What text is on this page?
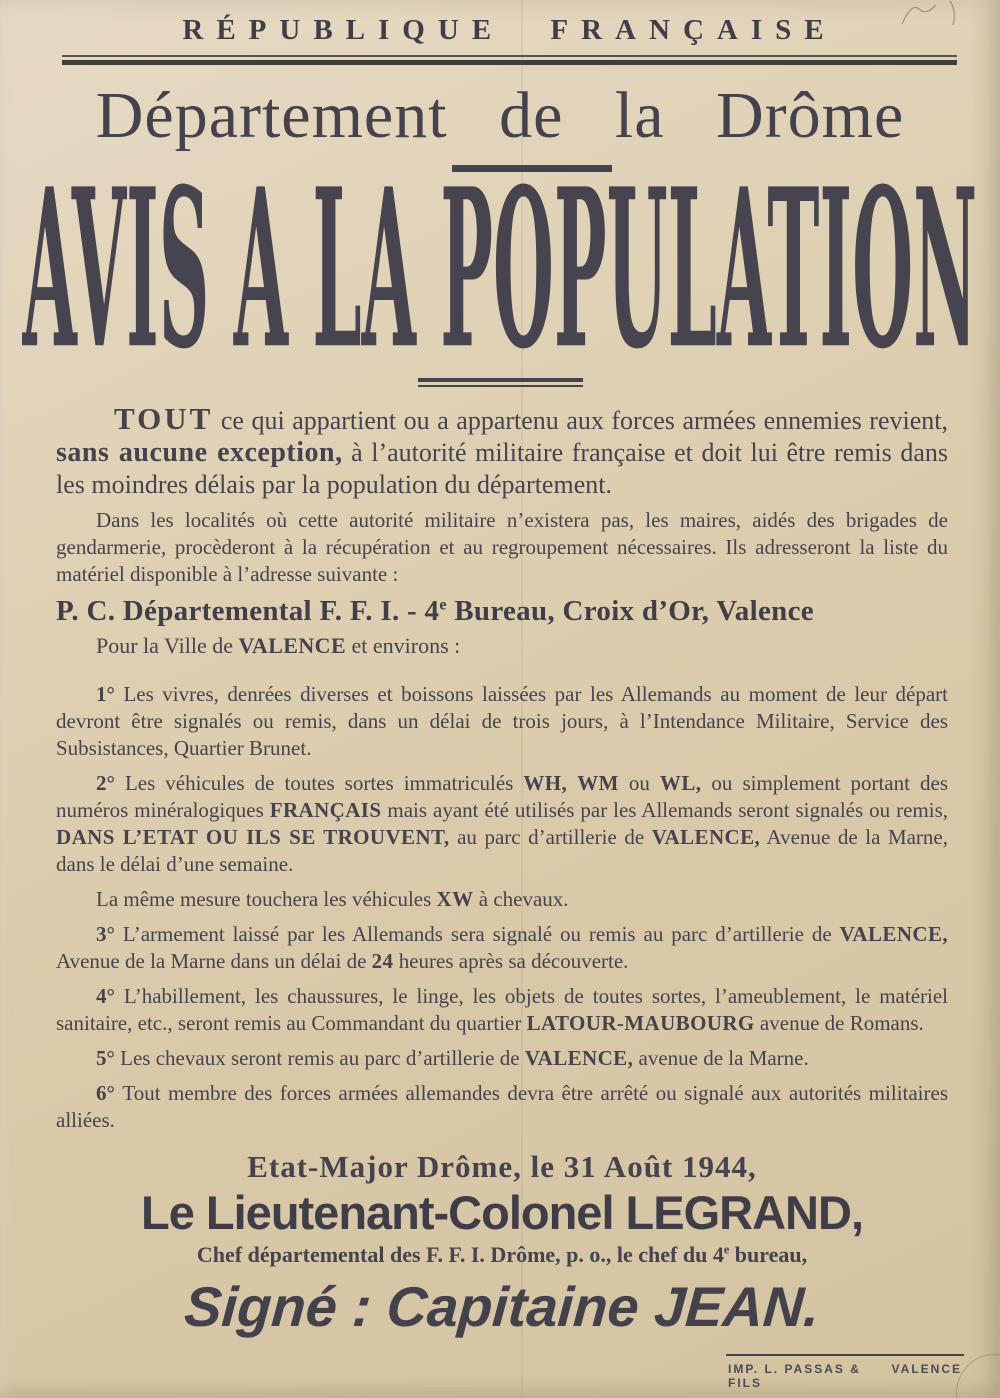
RÉPUBLIQUE FRANÇAISE
Département de la Drôme
AVIS A LA POPULATION

TOUT ce qui appartient ou a appartenu aux forces armées ennemies revient, sans aucune exception, à l’autorité militaire française et doit lui être remis dans les moindres délais par la population du département.

Dans les localités où cette autorité militaire n’existera pas, les maires, aidés des brigades de gendarmerie, procèderont à la récupération et au regroupement nécessaires. Ils adresseront la liste du matériel disponible à l’adresse suivante :

P. C. Départemental F. F. I. - 4e Bureau, Croix d’Or, Valence

Pour la Ville de VALENCE et environs :

1° Les vivres, denrées diverses et boissons laissées par les Allemands au moment de leur départ devront être signalés ou remis, dans un délai de trois jours, à l’Intendance Militaire, Service des Subsistances, Quartier Brunet.

2° Les véhicules de toutes sortes immatriculés WH, WM ou WL, ou simplement portant des numéros minéralogiques FRANÇAIS mais ayant été utilisés par les Allemands seront signalés ou remis, DANS L’ETAT OU ILS SE TROUVENT, au parc d’artillerie de VALENCE, Avenue de la Marne, dans le délai d’une semaine.

La même mesure touchera les véhicules XW à chevaux.

3° L’armement laissé par les Allemands sera signalé ou remis au parc d’artillerie de VALENCE, Avenue de la Marne dans un délai de 24 heures après sa découverte.

4° L’habillement, les chaussures, le linge, les objets de toutes sortes, l’ameublement, le matériel sanitaire, etc., seront remis au Commandant du quartier LATOUR-MAUBOURG avenue de Romans.

5° Les chevaux seront remis au parc d’artillerie de VALENCE, avenue de la Marne.

6° Tout membre des forces armées allemandes devra être arrêté ou signalé aux autorités militaires alliées.

Etat-Major Drôme, le 31 Août 1944,
Le Lieutenant-Colonel LEGRAND,
Chef départemental des F. F. I. Drôme, p. o., le chef du 4e bureau,
Signé : Capitaine JEAN.
IMP. L. PASSAS & FILS
VALENCE
